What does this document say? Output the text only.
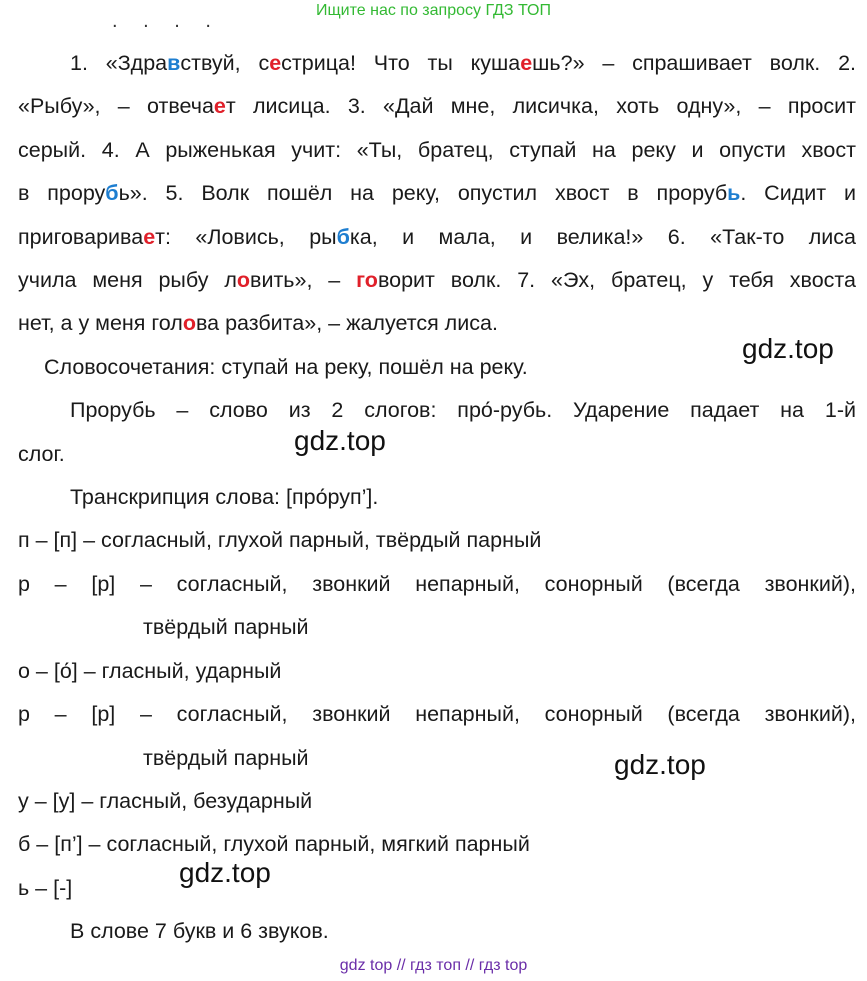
Ищите нас по запросу ГДЗ ТОП
. . . .
1. «Здравствуй, сестрица! Что ты кушаешь?» – спрашивает волк. 2.
«Рыбу», – отвечает лисица. 3. «Дай мне, лисичка, хоть одну», – просит
серый. 4. А рыженькая учит: «Ты, братец, ступай на реку и опусти хвост
в прорубь». 5. Волк пошёл на реку, опустил хвост в прорубь. Сидит и
приговаривает: «Ловись, рыбка, и мала, и велика!» 6. «Так-то лиса
учила меня рыбу ловить», – говорит волк. 7. «Эх, братец, у тебя хвоста
нет, а у меня голова разбита», – жалуется лиса.
Словосочетания: ступай на реку, пошёл на реку.
Прорубь – слово из 2 слогов: про́-рубь. Ударение падает на 1-й
слог.
Транскрипция слова: [про́руп’].
п – [п] – согласный, глухой парный, твёрдый парный
р – [р] – согласный, звонкий непарный, сонорный (всегда звонкий),
твёрдый парный
о – [о́] – гласный, ударный
р – [р] – согласный, звонкий непарный, сонорный (всегда звонкий),
твёрдый парный
у – [у] – гласный, безударный
б – [п’] – согласный, глухой парный, мягкий парный
ь – [-]
В слове 7 букв и 6 звуков.
gdz.top
gdz.top
gdz.top
gdz.top
gdz top // гдз топ // гдз top
